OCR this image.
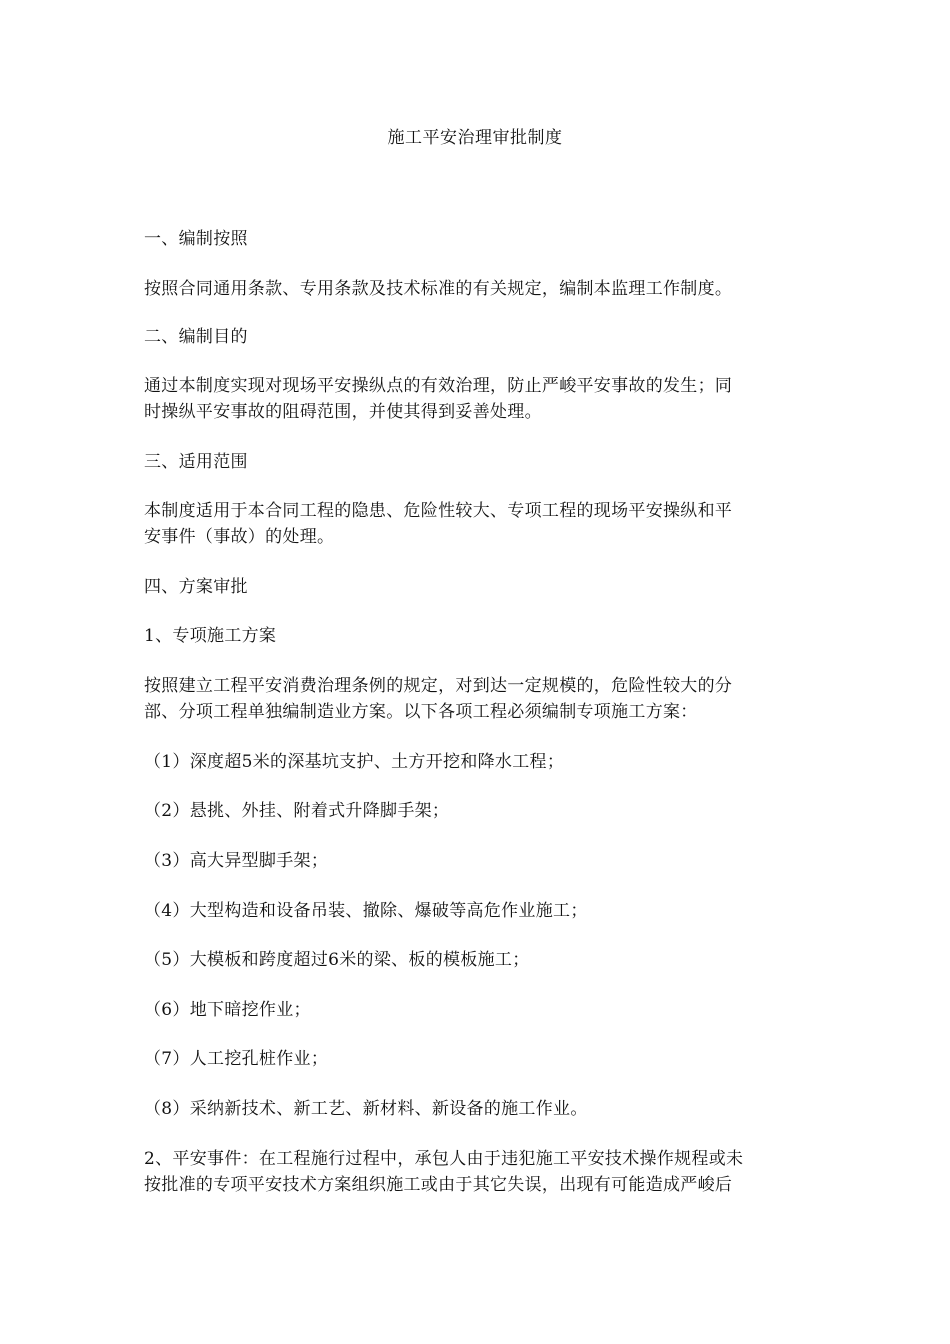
施工平安治理审批制度
一、编制按照
按照合同通用条款、专用条款及技术标准的有关规定，编制本监理工作制度。
二、编制目的
通过本制度实现对现场平安操纵点的有效治理，防止严峻平安事故的发生；同
时操纵平安事故的阻碍范围，并使其得到妥善处理。
三、适用范围
本制度适用于本合同工程的隐患、危险性较大、专项工程的现场平安操纵和平
安事件（事故）的处理。
四、方案审批
1、专项施工方案
按照建立工程平安消费治理条例的规定，对到达一定规模的，危险性较大的分
部、分项工程单独编制造业方案。以下各项工程必须编制专项施工方案：
（1）深度超5米的深基坑支护、土方开挖和降水工程；
（2）悬挑、外挂、附着式升降脚手架；
（3）高大异型脚手架；
（4）大型构造和设备吊装、撤除、爆破等高危作业施工；
（5）大模板和跨度超过6米的梁、板的模板施工；
（6）地下暗挖作业；
（7）人工挖孔桩作业；
（8）采纳新技术、新工艺、新材料、新设备的施工作业。
2、平安事件：在工程施行过程中，承包人由于违犯施工平安技术操作规程或未
按批准的专项平安技术方案组织施工或由于其它失误，出现有可能造成严峻后
